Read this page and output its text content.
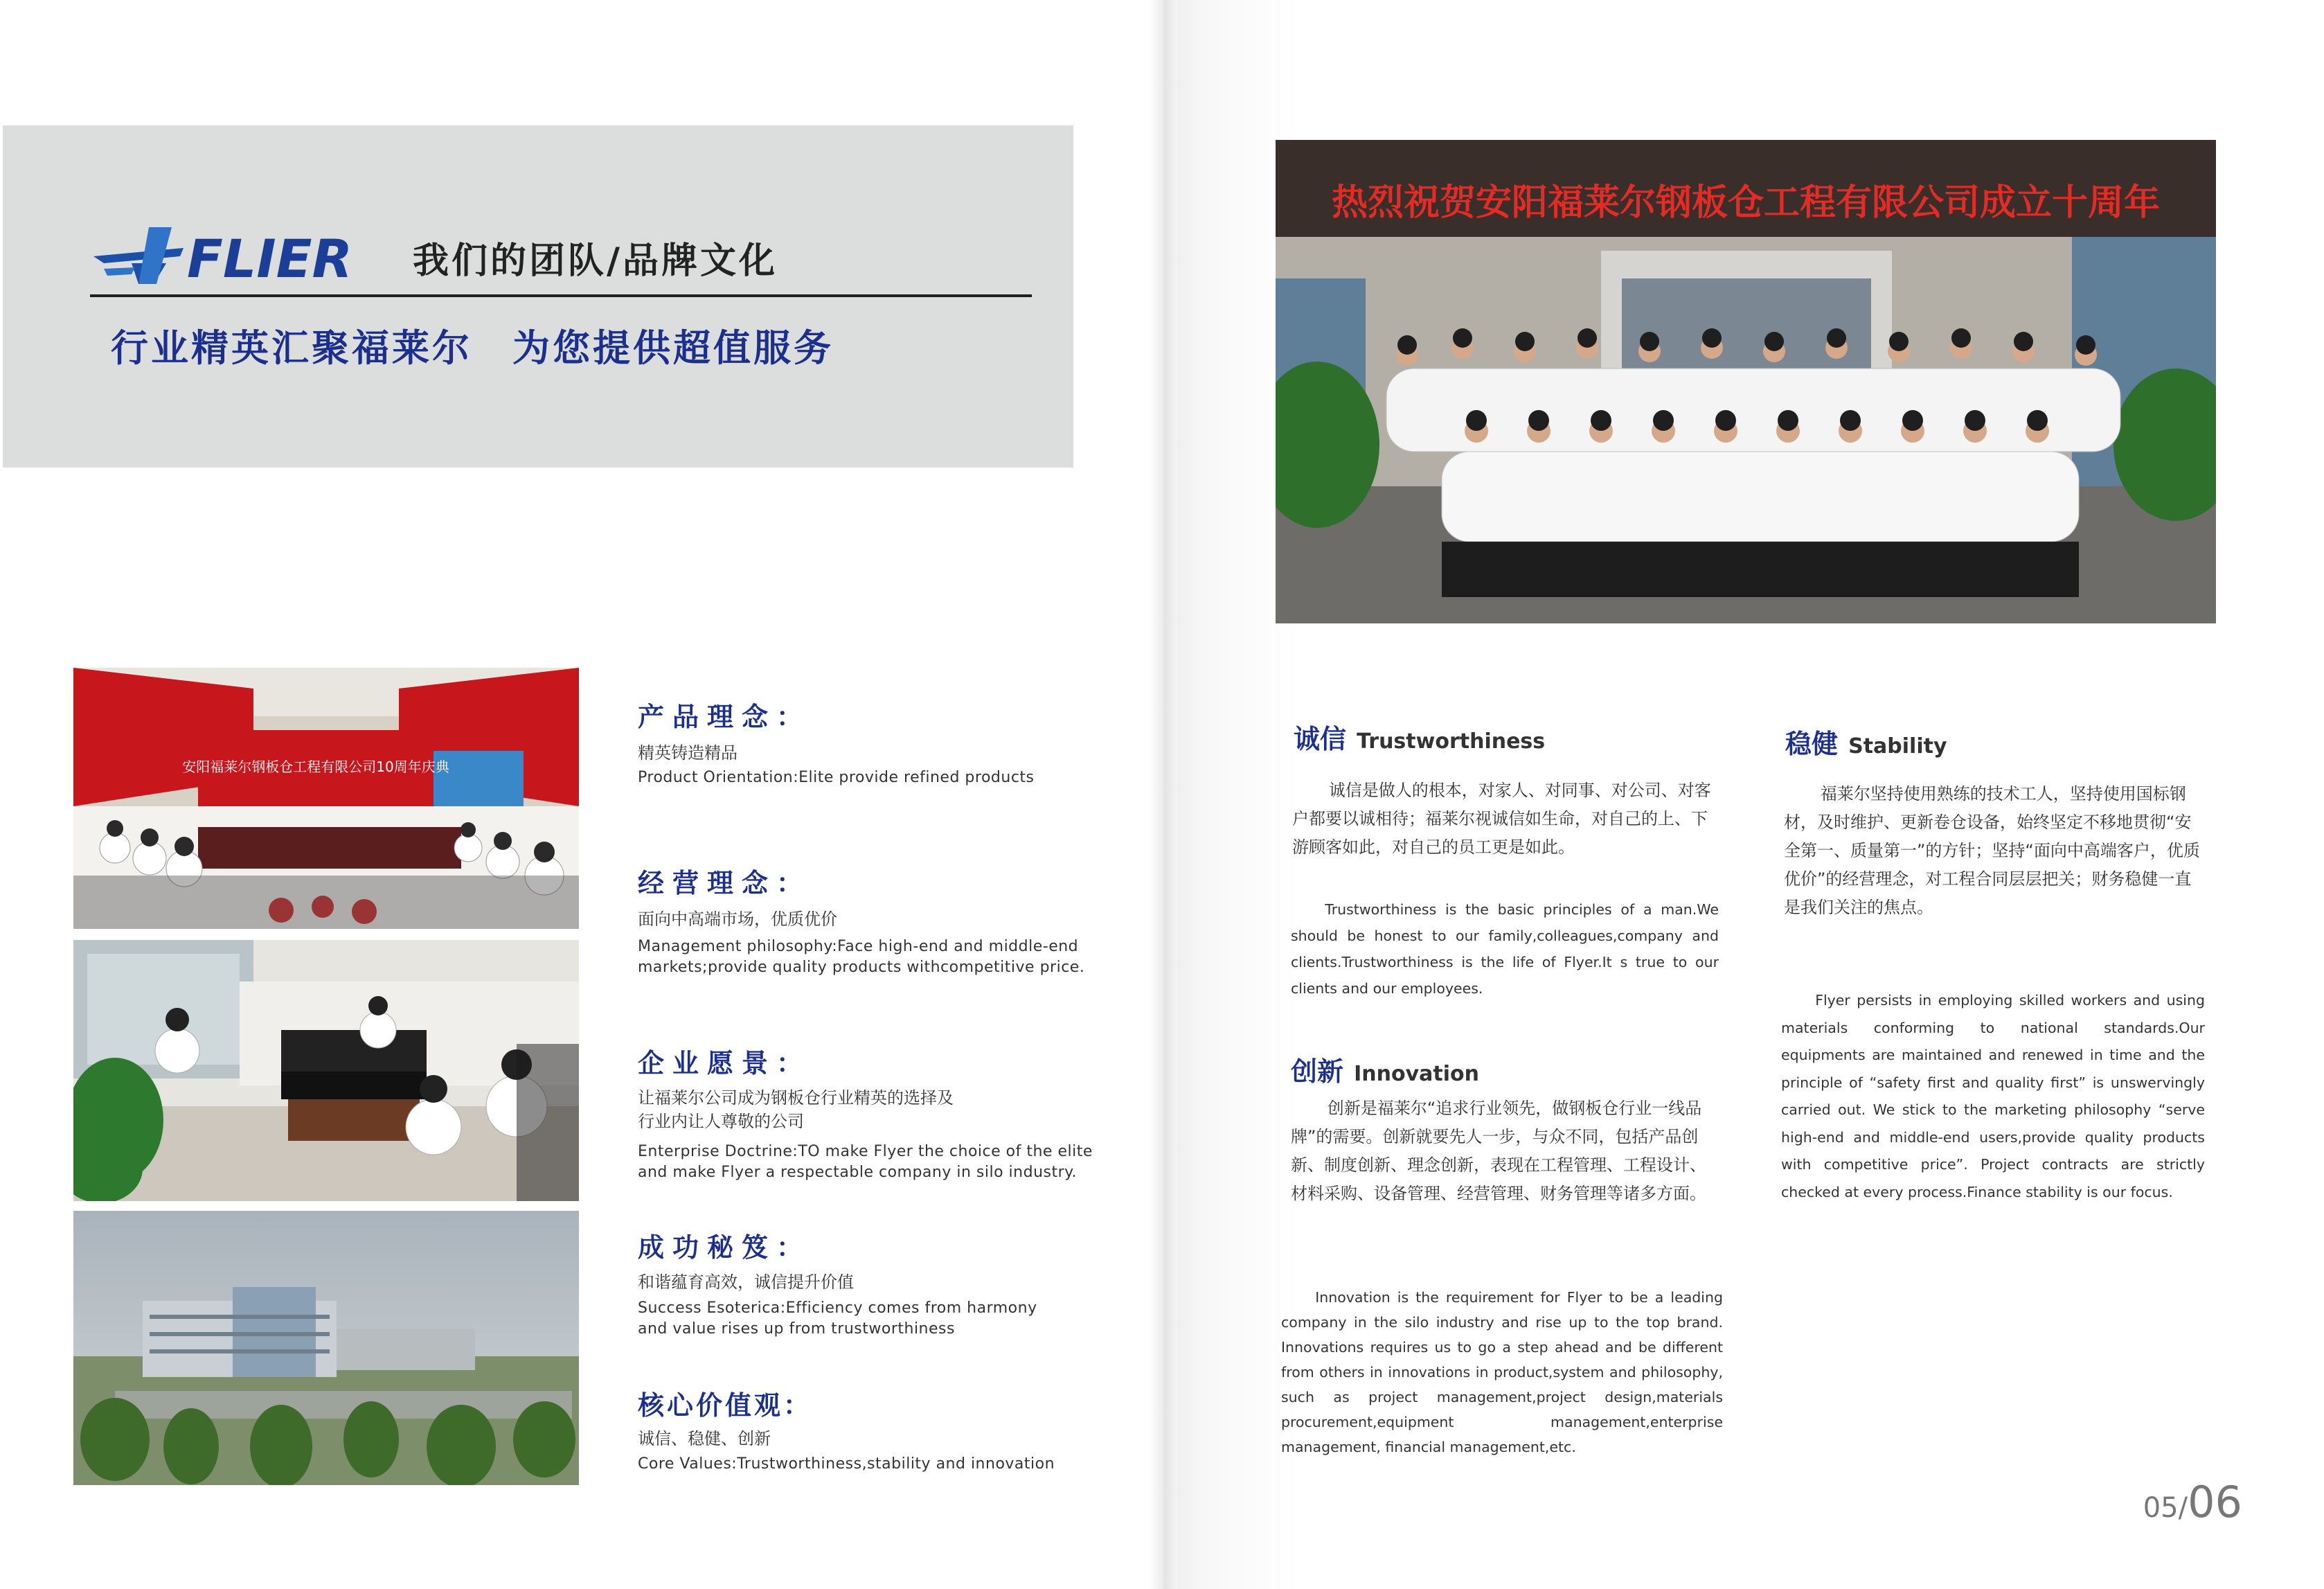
FLIER 我们的团队/品牌文化
行业精英汇聚福莱尔　为您提供超值服务
安阳福莱尔钢板仓工程有限公司10周年庆典
产品理念：
精英铸造精品
Product Orientation:Elite provide refined products
经营理念：
面向中高端市场，优质优价
Management philosophy:Face high-end and middle-end
markets;provide quality products withcompetitive price.
企业愿景：
让福莱尔公司成为钢板仓行业精英的选择及
行业内让人尊敬的公司
Enterprise Doctrine:TO make Flyer the choice of the elite
and make Flyer a respectable company in silo industry.
成功秘笈：
和谐蕴育高效，诚信提升价值
Success Esoterica:Efficiency comes from harmony
and value rises up from trustworthiness
核心价值观：
诚信、稳健、创新
Core Values:Trustworthiness,stability and innovation
热烈祝贺安阳福莱尔钢板仓工程有限公司成立十周年
诚信 Trustworthiness

诚信是做人的根本，对家人、对同事、对公司、对客户都要以诚相待；福莱尔视诚信如生命，对自己的上、下游顾客如此，对自己的员工更是如此。

Trustworthiness is the basic principles of a man.We should be honest to our family,colleagues,company and clients.Trustworthiness is the life of Flyer.It s true to our clients and our employees.

创新 Innovation

创新是福莱尔“追求行业领先，做钢板仓行业一线品牌”的需要。创新就要先人一步，与众不同，包括产品创新、制度创新、理念创新，表现在工程管理、工程设计、材料采购、设备管理、经营管理、财务管理等诸多方面。

Innovation is the requirement for Flyer to be a leading company in the silo industry and rise up to the top brand. Innovations requires us to go a step ahead and be different from others in innovations in product,system and philosophy, such as project management,project design,materials procurement,equipment management,enterprise management, financial management,etc.

稳健 Stability

福莱尔坚持使用熟练的技术工人，坚持使用国标钢材，及时维护、更新卷仓设备，始终坚定不移地贯彻“安全第一、质量第一”的方针；坚持“面向中高端客户，优质优价”的经营理念，对工程合同层层把关；财务稳健一直是我们关注的焦点。

Flyer persists in employing skilled workers and using materials conforming to national standards.Our equipments are maintained and renewed in time and the principle of “safety first and quality first” is unswervingly carried out. We stick to the marketing philosophy “serve high-end and middle-end users,provide quality products with competitive price”. Project contracts are strictly checked at every process.Finance stability is our focus.

05/06
